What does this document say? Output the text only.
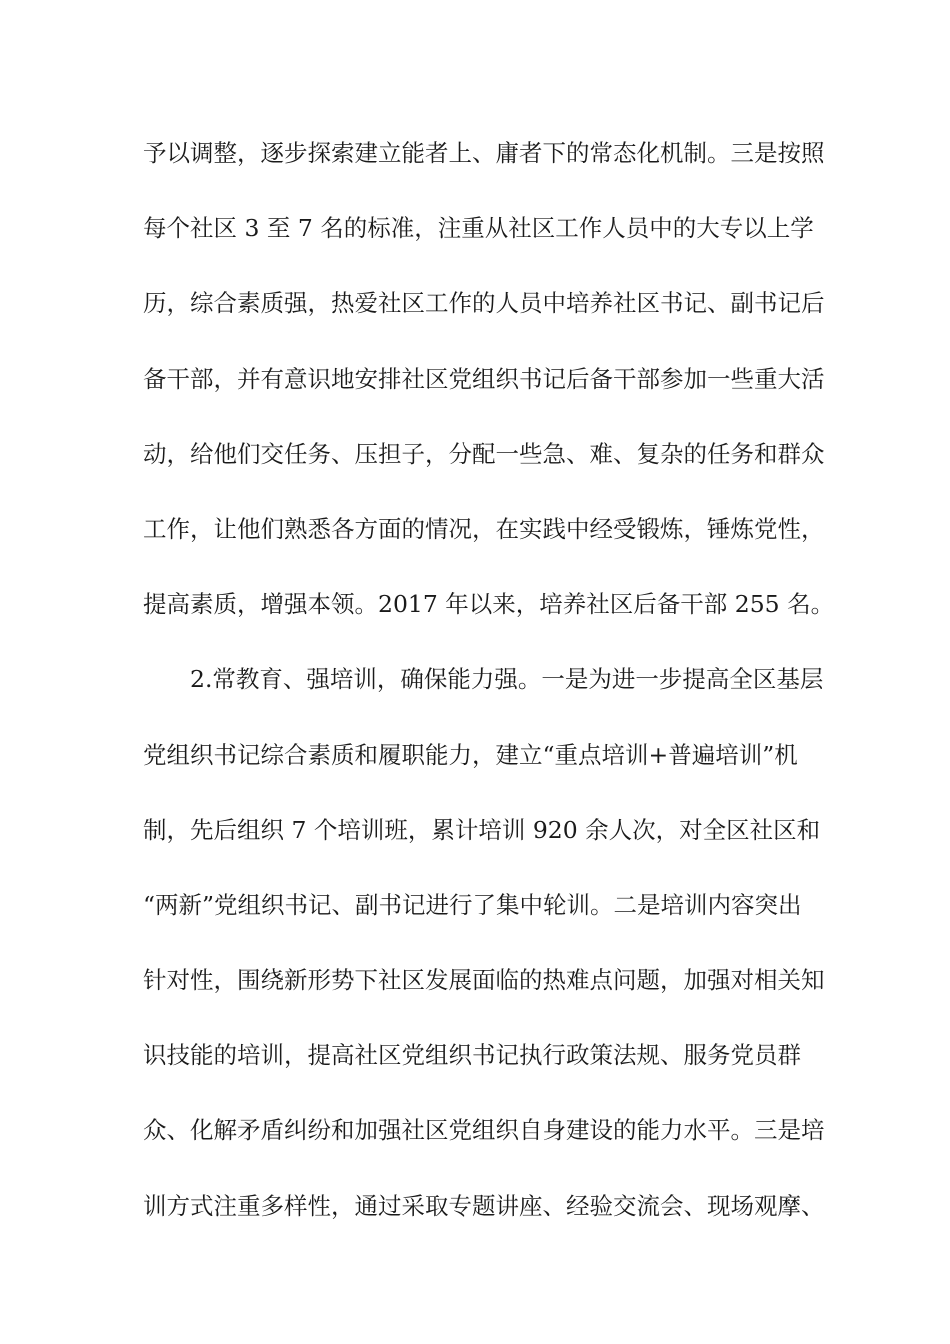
予以调整，逐步探索建立能者上、庸者下的常态化机制。三是按照
每个社区 3 至 7 名的标准，注重从社区工作人员中的大专以上学
历，综合素质强，热爱社区工作的人员中培养社区书记、副书记后
备干部，并有意识地安排社区党组织书记后备干部参加一些重大活
动，给他们交任务、压担子，分配一些急、难、复杂的任务和群众
工作，让他们熟悉各方面的情况，在实践中经受锻炼，锤炼党性，
提高素质，增强本领。2017 年以来，培养社区后备干部 255 名。
2.常教育、强培训，确保能力强。一是为进一步提高全区基层
党组织书记综合素质和履职能力，建立“重点培训+普遍培训”机
制，先后组织 7 个培训班，累计培训 920 余人次，对全区社区和
“两新”党组织书记、副书记进行了集中轮训。二是培训内容突出
针对性，围绕新形势下社区发展面临的热难点问题，加强对相关知
识技能的培训，提高社区党组织书记执行政策法规、服务党员群
众、化解矛盾纠纷和加强社区党组织自身建设的能力水平。三是培
训方式注重多样性，通过采取专题讲座、经验交流会、现场观摩、
